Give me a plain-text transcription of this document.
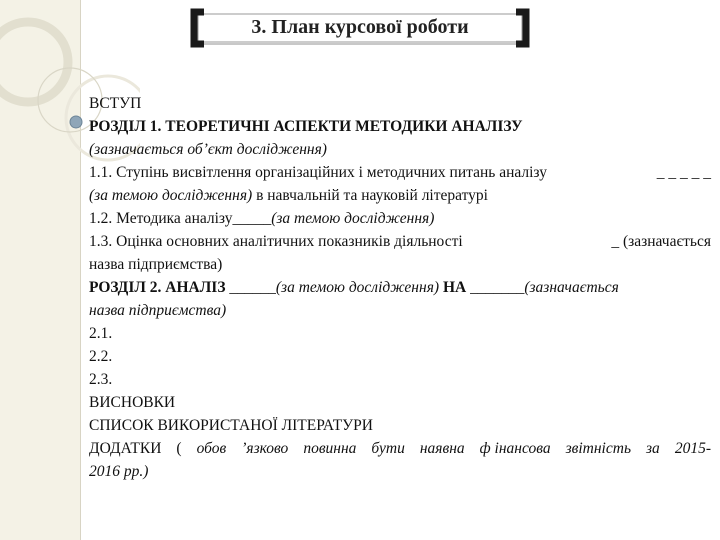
3. План курсової роботи
ВСТУП
РОЗДІЛ 1. ТЕОРЕТИЧНІ АСПЕКТИ МЕТОДИКИ АНАЛІЗУ
(зазначається об’єкт дослідження)
1.1. Ступінь висвітлення організаційних і методичних питань аналізу	_ _ _ _ _
(за темою дослідження) в навчальній та науковій літературі
1.2. Методика аналізу_____(за темою дослідження)
1.3. Оцінка основних аналітичних показників діяльності	_ (зазначається
назва підприємства)
РОЗДІЛ 2. АНАЛІЗ ______(за темою дослідження) НА _______(зазначається
назва підприємства)
2.1.
2.2.
2.3.
ВИСНОВКИ
СПИСОК ВИКОРИСТАНОЇ ЛІТЕРАТУРИ
ДОДАТКИ ( обов ’язково повинна бути наявна ф інансова звітність за 2015-
2016 рр.)
